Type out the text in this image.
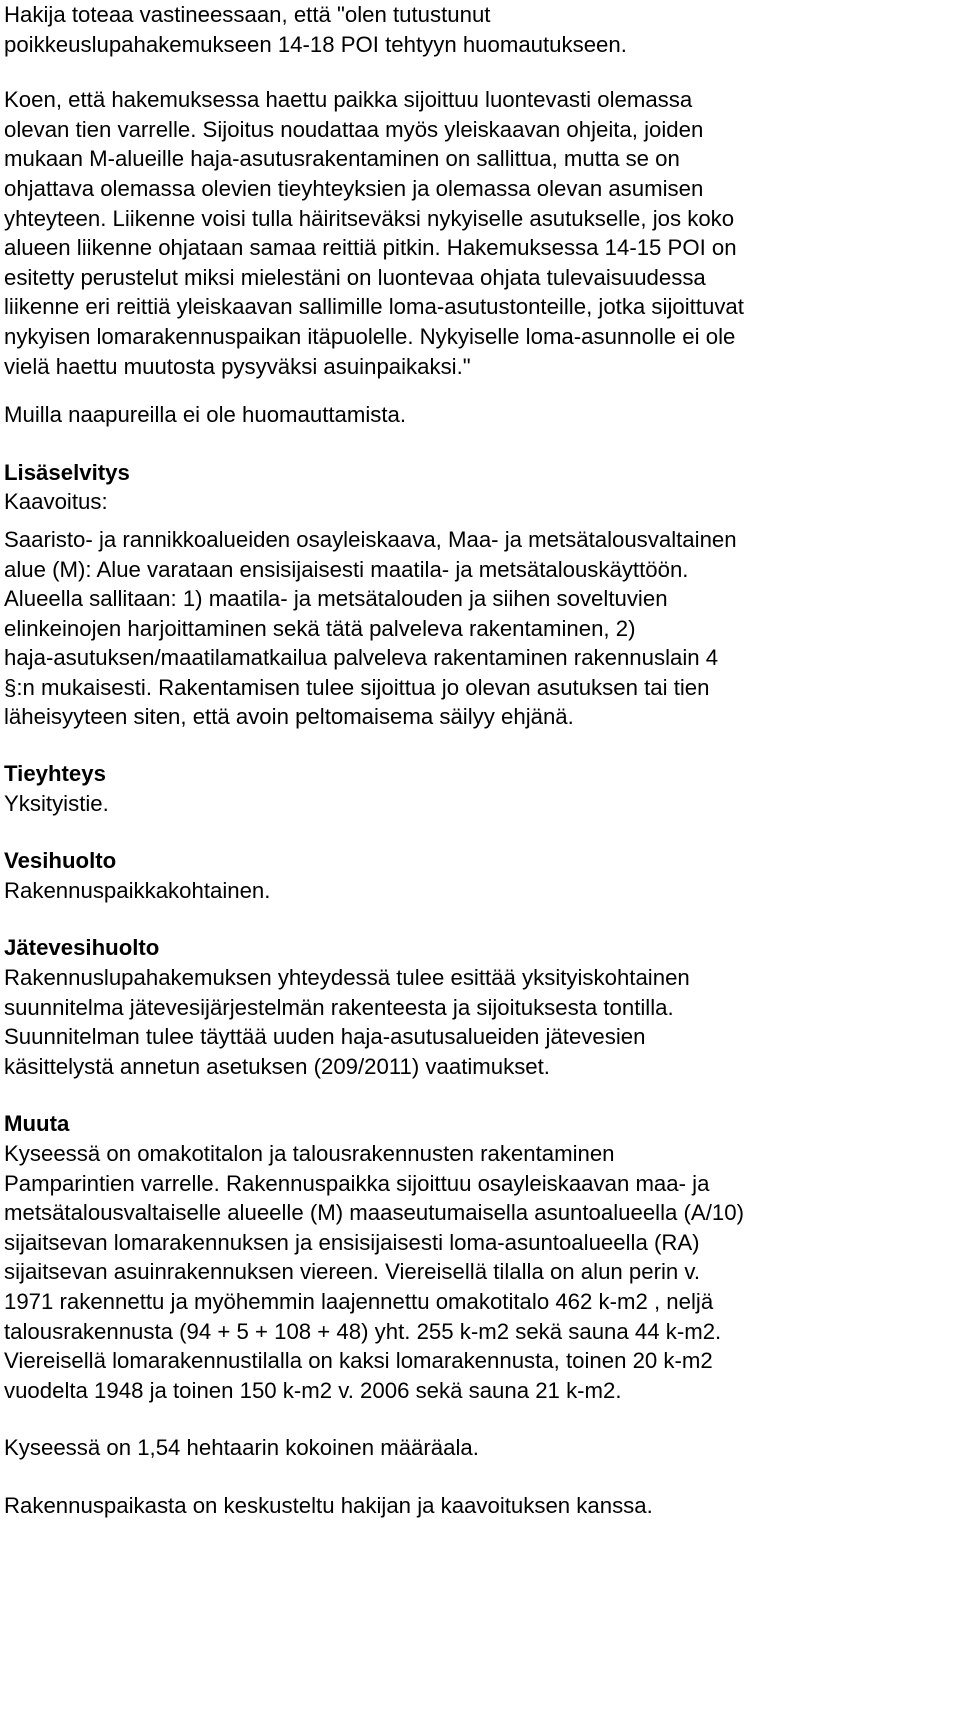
Hakija toteaa vastineessaan, että "olen tutustunut
poikkeuslupahakemukseen 14-18 POI tehtyyn huomautukseen.

Koen, että hakemuksessa haettu paikka sijoittuu luontevasti olemassa
olevan tien varrelle. Sijoitus noudattaa myös yleiskaavan ohjeita, joiden
mukaan M-alueille haja-asutusrakentaminen on sallittua, mutta se on
ohjattava olemassa olevien tieyhteyksien ja olemassa olevan asumisen
yhteyteen. Liikenne voisi tulla häiritseväksi nykyiselle asutukselle, jos koko
alueen liikenne ohjataan samaa reittiä pitkin. Hakemuksessa 14-15 POI on
esitetty perustelut miksi mielestäni on luontevaa ohjata tulevaisuudessa
liikenne eri reittiä yleiskaavan sallimille loma-asutustonteille, jotka sijoittuvat
nykyisen lomarakennuspaikan itäpuolelle. Nykyiselle loma-asunnolle ei ole
vielä haettu muutosta pysyväksi asuinpaikaksi."

Muilla naapureilla ei ole huomauttamista.

Lisäselvitys
Kaavoitus:
Saaristo- ja rannikkoalueiden osayleiskaava, Maa- ja metsätalousvaltainen
alue (M): Alue varataan ensisijaisesti maatila- ja metsätalouskäyttöön.
Alueella sallitaan: 1) maatila- ja metsätalouden ja siihen soveltuvien
elinkeinojen harjoittaminen sekä tätä palveleva rakentaminen, 2)
haja-asutuksen/maatilamatkailua palveleva rakentaminen rakennuslain 4
§:n mukaisesti. Rakentamisen tulee sijoittua jo olevan asutuksen tai tien
läheisyyteen siten, että avoin peltomaisema säilyy ehjänä.
Tieyhteys
Yksityistie.
Vesihuolto
Rakennuspaikkakohtainen.
Jätevesihuolto
Rakennuslupahakemuksen yhteydessä tulee esittää yksityiskohtainen
suunnitelma jätevesijärjestelmän rakenteesta ja sijoituksesta tontilla.
Suunnitelman tulee täyttää uuden haja-asutusalueiden jätevesien
käsittelystä annetun asetuksen (209/2011) vaatimukset.
Muuta
Kyseessä on omakotitalon ja talousrakennusten rakentaminen
Pamparintien varrelle. Rakennuspaikka sijoittuu osayleiskaavan maa- ja
metsätalousvaltaiselle alueelle (M) maaseutumaisella asuntoalueella (A/10)
sijaitsevan lomarakennuksen ja ensisijaisesti loma-asuntoalueella (RA)
sijaitsevan asuinrakennuksen viereen. Viereisellä tilalla on alun perin v.
1971 rakennettu ja myöhemmin laajennettu omakotitalo 462 k-m2 , neljä
talousrakennusta (94 + 5 + 108 + 48) yht. 255 k-m2 sekä sauna 44 k-m2.
Viereisellä lomarakennustilalla on kaksi lomarakennusta, toinen 20 k-m2
vuodelta 1948 ja toinen 150 k-m2 v. 2006 sekä sauna 21 k-m2.

Kyseessä on 1,54 hehtaarin kokoinen määräala.

Rakennuspaikasta on keskusteltu hakijan ja kaavoituksen kanssa.
